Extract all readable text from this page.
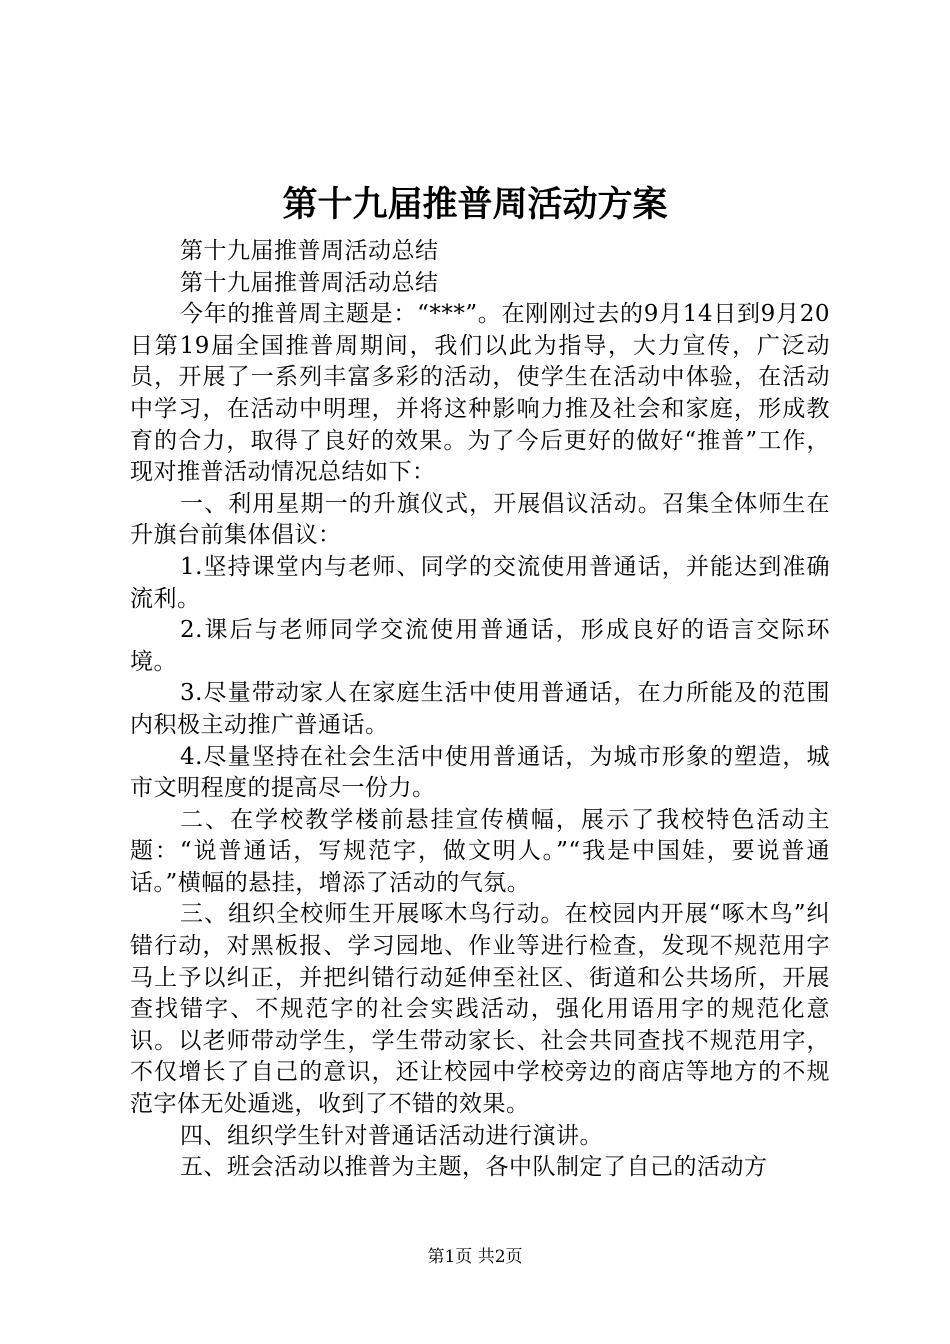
第十九届推普周活动方案

第十九届推普周活动总结

第十九届推普周活动总结

今年的推普周主题是：“***”。在刚刚过去的9月14日到9月20日第19届全国推普周期间，我们以此为指导，大力宣传，广泛动员，开展了一系列丰富多彩的活动，使学生在活动中体验，在活动中学习，在活动中明理，并将这种影响力推及社会和家庭，形成教育的合力，取得了良好的效果。为了今后更好的做好“推普”工作，现对推普活动情况总结如下：

一、利用星期一的升旗仪式，开展倡议活动。召集全体师生在升旗台前集体倡议：

1.坚持课堂内与老师、同学的交流使用普通话，并能达到准确流利。

2.课后与老师同学交流使用普通话，形成良好的语言交际环境。

3.尽量带动家人在家庭生活中使用普通话，在力所能及的范围内积极主动推广普通话。

4.尽量坚持在社会生活中使用普通话，为城市形象的塑造，城市文明程度的提高尽一份力。

二、在学校教学楼前悬挂宣传横幅，展示了我校特色活动主题：“说普通话，写规范字，做文明人。”“我是中国娃，要说普通话。”横幅的悬挂，增添了活动的气氛。

三、组织全校师生开展啄木鸟行动。在校园内开展“啄木鸟”纠错行动，对黑板报、学习园地、作业等进行检查，发现不规范用字马上予以纠正，并把纠错行动延伸至社区、街道和公共场所，开展查找错字、不规范字的社会实践活动，强化用语用字的规范化意识。以老师带动学生，学生带动家长、社会共同查找不规范用字，不仅增长了自己的意识，还让校园中学校旁边的商店等地方的不规范字体无处遁逃，收到了不错的效果。

四、组织学生针对普通话活动进行演讲。

五、班会活动以推普为主题，各中队制定了自己的活动方

第1页 共2页
